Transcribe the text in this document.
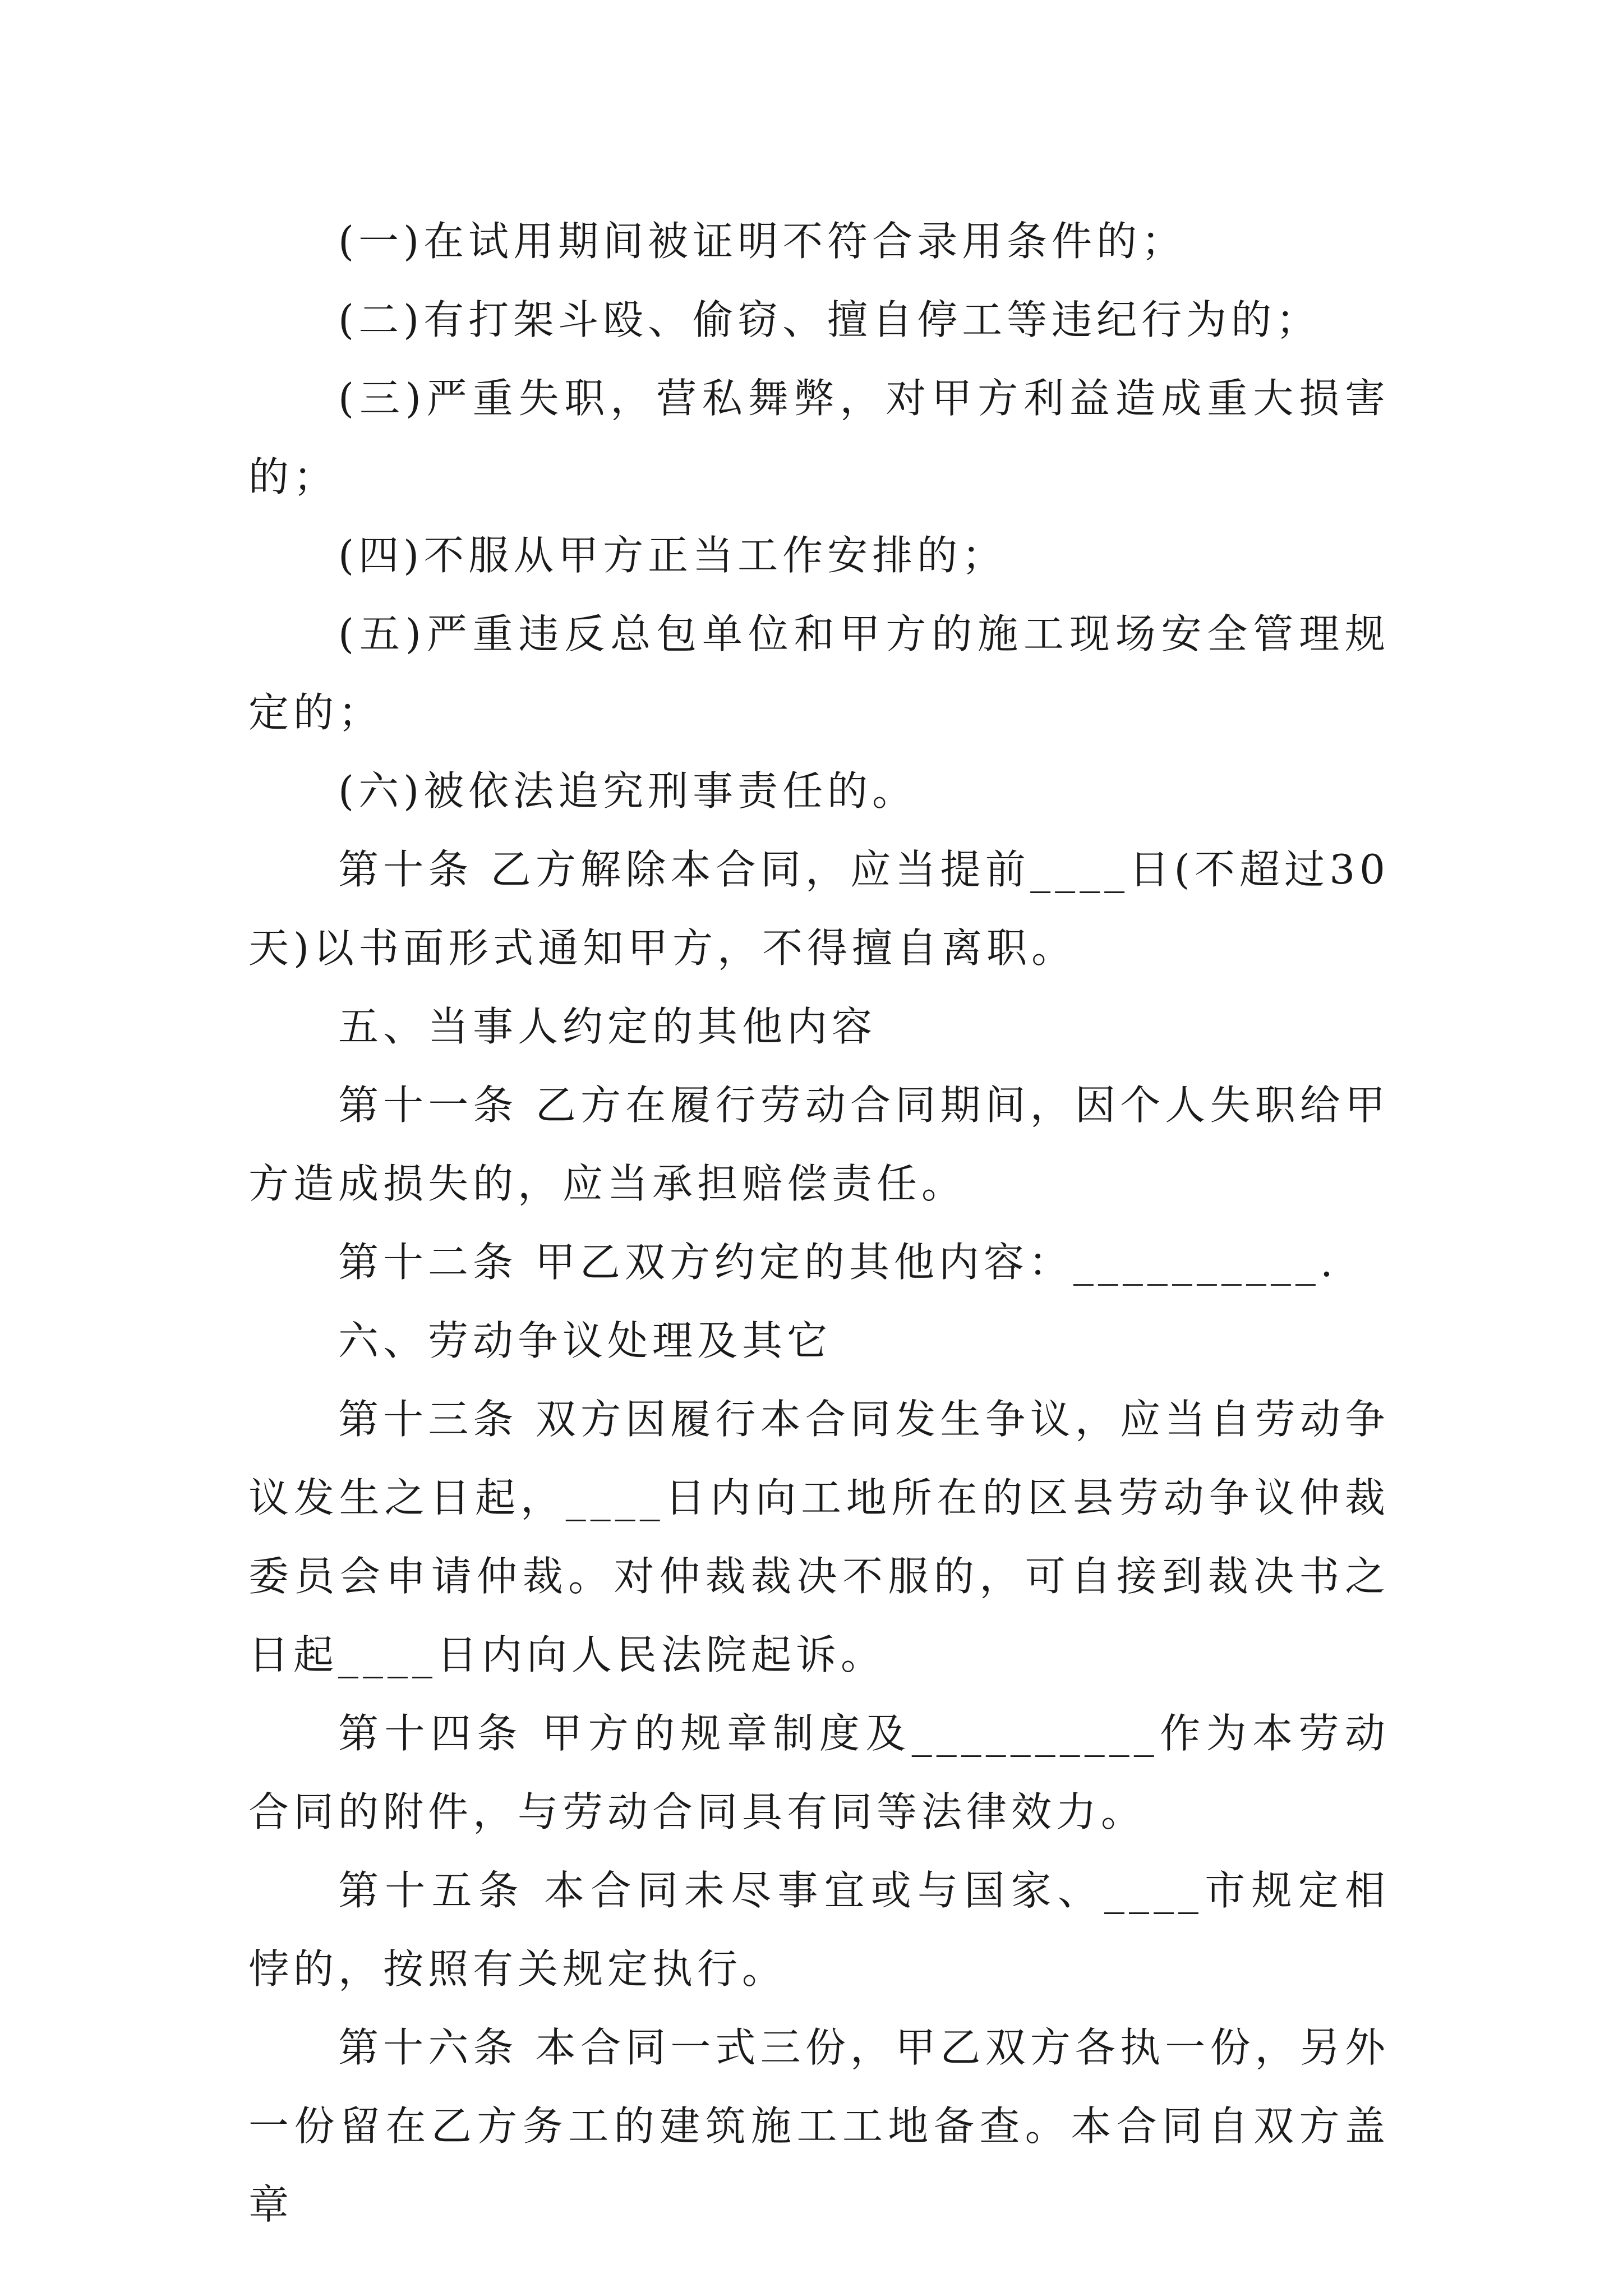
(一)在试用期间被证明不符合录用条件的；

(二)有打架斗殴、偷窃、擅自停工等违纪行为的；

(三)严重失职，营私舞弊，对甲方利益造成重大损害的；

(四)不服从甲方正当工作安排的；

(五)严重违反总包单位和甲方的施工现场安全管理规定的；

(六)被依法追究刑事责任的。

第十条 乙方解除本合同，应当提前____日(不超过30天)以书面形式通知甲方，不得擅自离职。

五、当事人约定的其他内容

第十一条 乙方在履行劳动合同期间，因个人失职给甲方造成损失的，应当承担赔偿责任。

第十二条 甲乙双方约定的其他内容：__________.

六、劳动争议处理及其它

第十三条 双方因履行本合同发生争议，应当自劳动争议发生之日起，____日内向工地所在的区县劳动争议仲裁委员会申请仲裁。对仲裁裁决不服的，可自接到裁决书之日起____日内向人民法院起诉。

第十四条 甲方的规章制度及__________作为本劳动合同的附件，与劳动合同具有同等法律效力。

第十五条 本合同未尽事宜或与国家、____市规定相悖的，按照有关规定执行。

第十六条 本合同一式三份，甲乙双方各执一份，另外一份留在乙方务工的建筑施工工地备查。本合同自双方盖章
